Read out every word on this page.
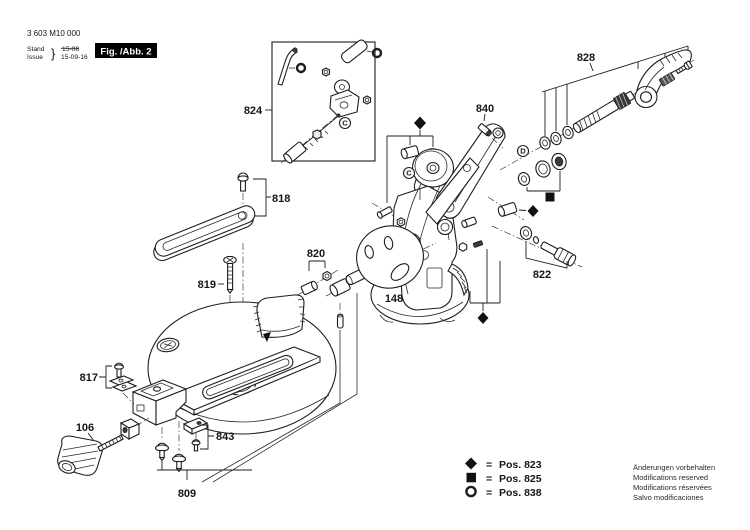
3 603 M10 000
Stand
Issue } 15-08
15-09-16 Fig. /Abb. 2
824
C
818
819
820
C
D
840
148
822
828
817
106
843
809
= Pos. 823
= Pos. 825
= Pos. 838
Änderungen vorbehalten
Modifications reserved
Modifications réservées
Salvo modificaciones
